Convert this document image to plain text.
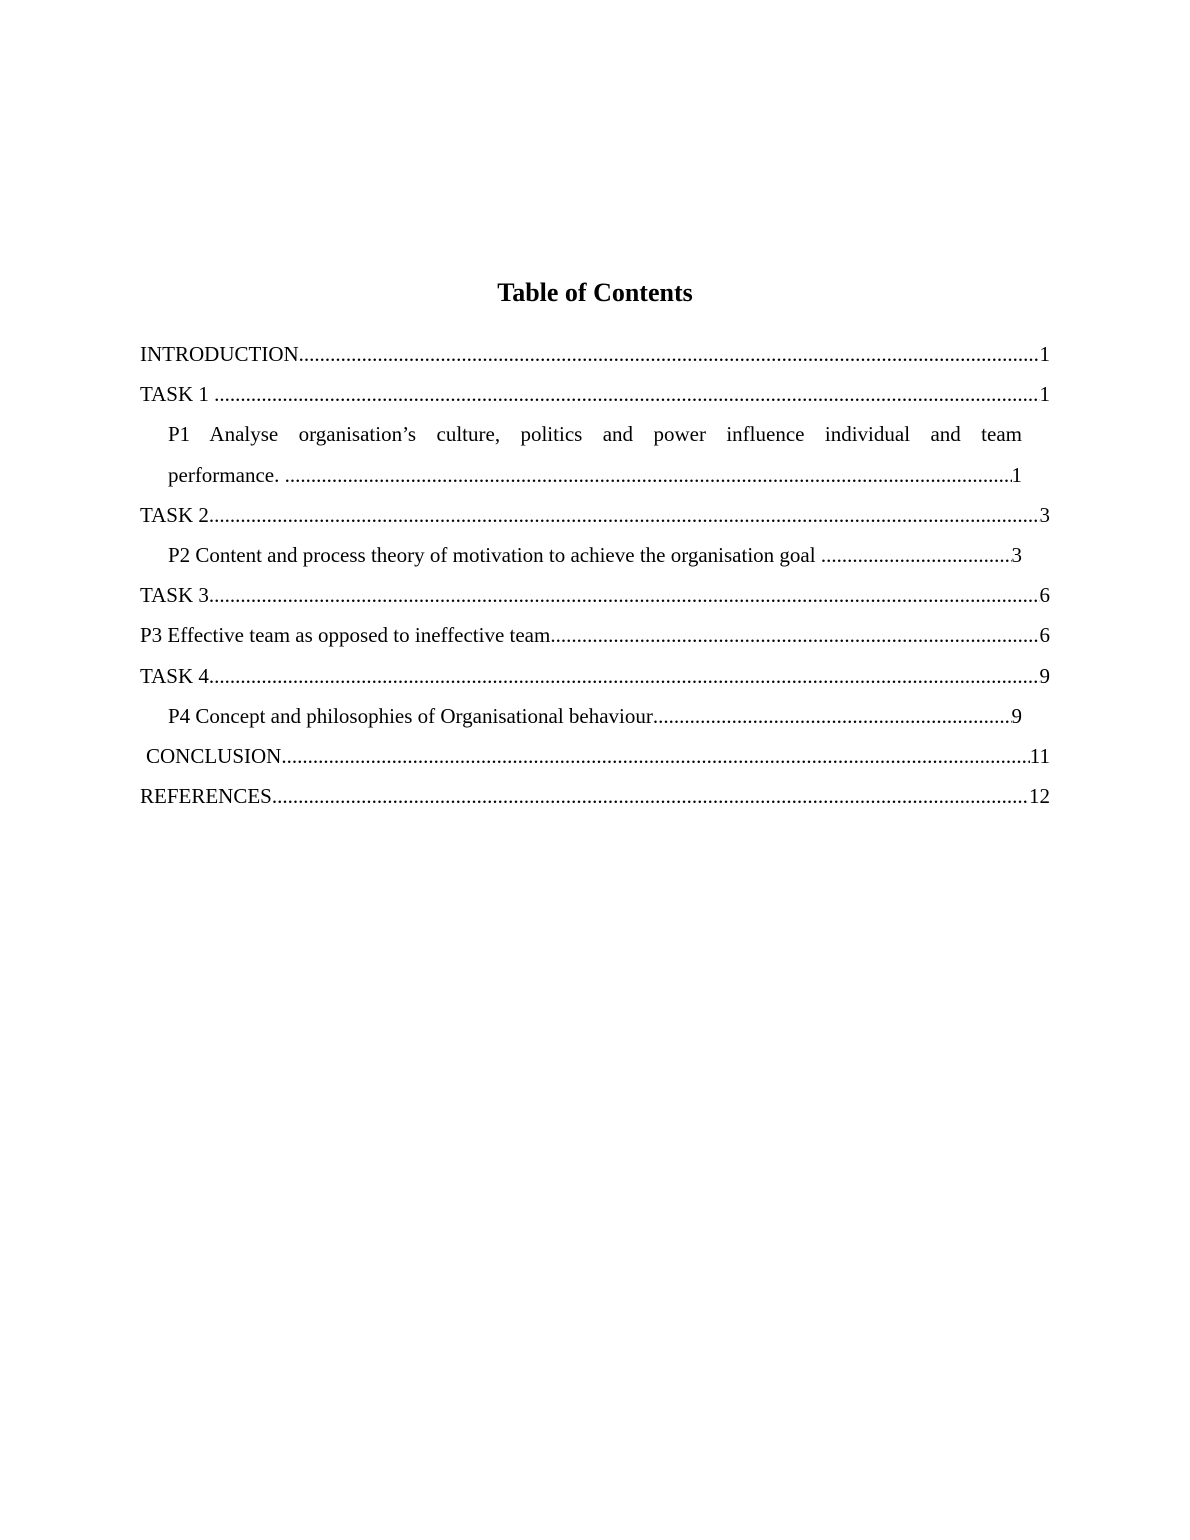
Table of Contents
INTRODUCTION .....	1
TASK 1 .....	1
P1 Analyse organisation’s culture, politics and power influence individual and team
performance. .....	1
TASK 2 .....	3
P2 Content and process theory of motivation to achieve the organisation goal .....	3
TASK 3 .....	6
P3 Effective team as opposed to ineffective team .....	6
TASK 4 .....	9
P4 Concept and philosophies of Organisational behaviour .....	9
CONCLUSION .....	11
REFERENCES .....	12
